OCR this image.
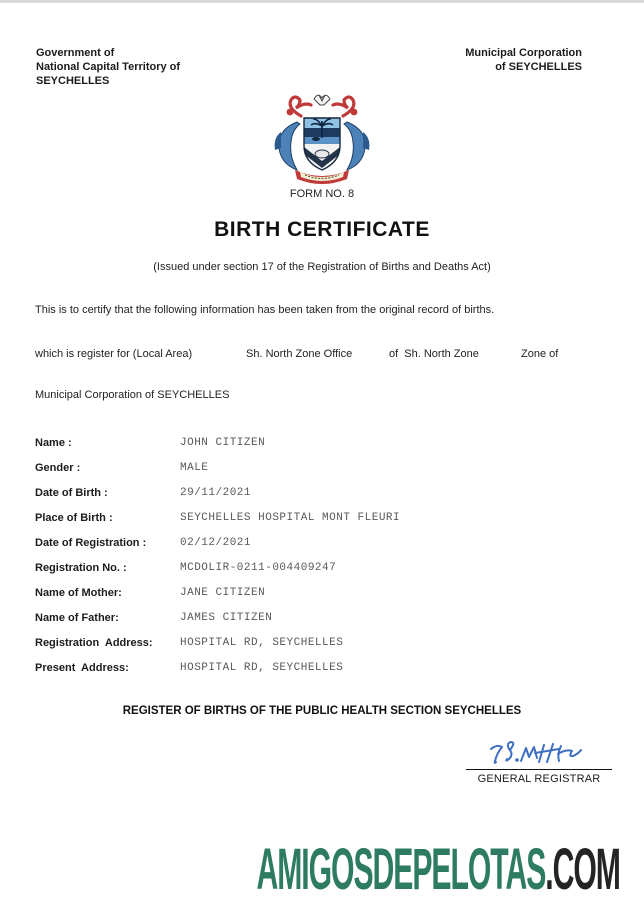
Government of
National Capital Territory of
SEYCHELLES
Municipal Corporation
of SEYCHELLES
FORM NO. 8
BIRTH CERTIFICATE
(Issued under section 17 of the Registration of Births and Deaths Act)
This is to certify that the following information has been taken from the original record of births.
which is register for (Local Area)	Sh. North Zone Office	of  Sh. North Zone	Zone of
Municipal Corporation of SEYCHELLES
Name :	JOHN CITIZEN
Gender :	MALE
Date of Birth :	29/11/2021
Place of Birth :	SEYCHELLES HOSPITAL MONT FLEURI
Date of Registration :	02/12/2021
Registration No. :	MCDOLIR-0211-004409247
Name of Mother:	JANE CITIZEN
Name of Father:	JAMES CITIZEN
Registration  Address:	HOSPITAL RD, SEYCHELLES
Present  Address:	HOSPITAL RD, SEYCHELLES
REGISTER OF BIRTHS OF THE PUBLIC HEALTH SECTION SEYCHELLES
GENERAL REGISTRAR
AMIGOSDEPELOTAS.COM
